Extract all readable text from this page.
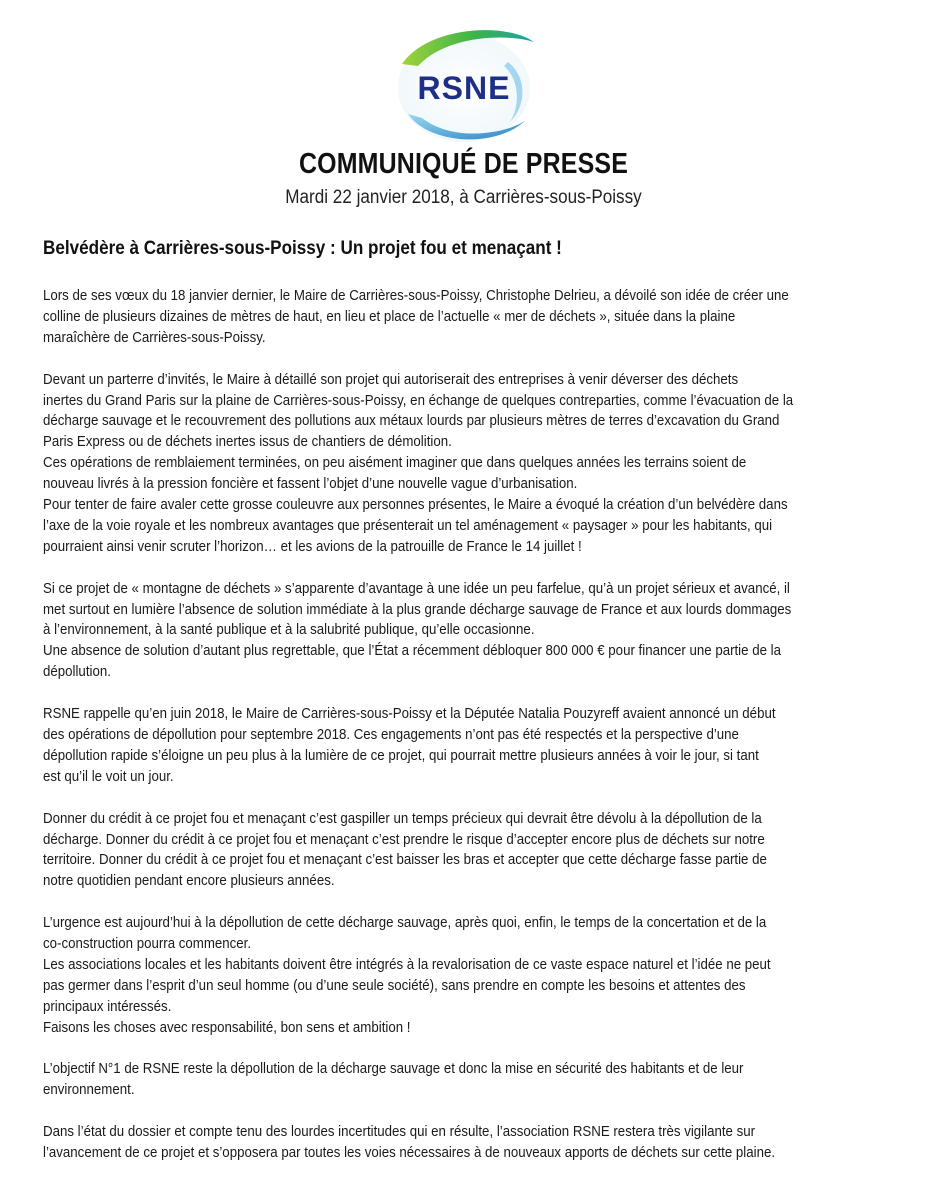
RSNE
COMMUNIQUÉ DE PRESSE
Mardi 22 janvier 2018, à Carrières-sous-Poissy
Belvédère à Carrières-sous-Poissy : Un projet fou et menaçant !
Lors de ses vœux du 18 janvier dernier, le Maire de Carrières-sous-Poissy, Christophe Delrieu, a dévoilé son idée de créer une
colline de plusieurs dizaines de mètres de haut, en lieu et place de l’actuelle « mer de déchets », située dans la plaine
maraîchère de Carrières-sous-Poissy.
Devant un parterre d’invités, le Maire à détaillé son projet qui autoriserait des entreprises à venir déverser des déchets
inertes du Grand Paris sur la plaine de Carrières-sous-Poissy, en échange de quelques contreparties, comme l’évacuation de la
décharge sauvage et le recouvrement des pollutions aux métaux lourds par plusieurs mètres de terres d’excavation du Grand
Paris Express ou de déchets inertes issus de chantiers de démolition.
Ces opérations de remblaiement terminées, on peu aisément imaginer que dans quelques années les terrains soient de
nouveau livrés à la pression foncière et fassent l’objet d’une nouvelle vague d’urbanisation.
Pour tenter de faire avaler cette grosse couleuvre aux personnes présentes, le Maire a évoqué la création d’un belvédère dans
l’axe de la voie royale et les nombreux avantages que présenterait un tel aménagement « paysager » pour les habitants, qui
pourraient ainsi venir scruter l’horizon… et les avions de la patrouille de France le 14 juillet !
Si ce projet de « montagne de déchets » s’apparente d’avantage à une idée un peu farfelue, qu’à un projet sérieux et avancé, il
met surtout en lumière l’absence de solution immédiate à la plus grande décharge sauvage de France et aux lourds dommages
à l’environnement, à la santé publique et à la salubrité publique, qu’elle occasionne.
Une absence de solution d’autant plus regrettable, que l’État a récemment débloquer 800 000 € pour financer une partie de la
dépollution.
RSNE rappelle qu’en juin 2018, le Maire de Carrières-sous-Poissy et la Députée Natalia Pouzyreff avaient annoncé un début
des opérations de dépollution pour septembre 2018. Ces engagements n’ont pas été respectés et la perspective d’une
dépollution rapide s’éloigne un peu plus à la lumière de ce projet, qui pourrait mettre plusieurs années à voir le jour, si tant
est qu’il le voit un jour.
Donner du crédit à ce projet fou et menaçant c’est gaspiller un temps précieux qui devrait être dévolu à la dépollution de la
décharge. Donner du crédit à ce projet fou et menaçant c’est prendre le risque d’accepter encore plus de déchets sur notre
territoire. Donner du crédit à ce projet fou et menaçant c’est baisser les bras et accepter que cette décharge fasse partie de
notre quotidien pendant encore plusieurs années.
L’urgence est aujourd’hui à la dépollution de cette décharge sauvage, après quoi, enfin, le temps de la concertation et de la
co-construction pourra commencer.
Les associations locales et les habitants doivent être intégrés à la revalorisation de ce vaste espace naturel et l’idée ne peut
pas germer dans l’esprit d’un seul homme (ou d’une seule société), sans prendre en compte les besoins et attentes des
principaux intéressés.
Faisons les choses avec responsabilité, bon sens et ambition !
L’objectif N°1 de RSNE reste la dépollution de la décharge sauvage et donc la mise en sécurité des habitants et de leur
environnement.
Dans l’état du dossier et compte tenu des lourdes incertitudes qui en résulte, l’association RSNE restera très vigilante sur
l’avancement de ce projet et s’opposera par toutes les voies nécessaires à de nouveaux apports de déchets sur cette plaine.
